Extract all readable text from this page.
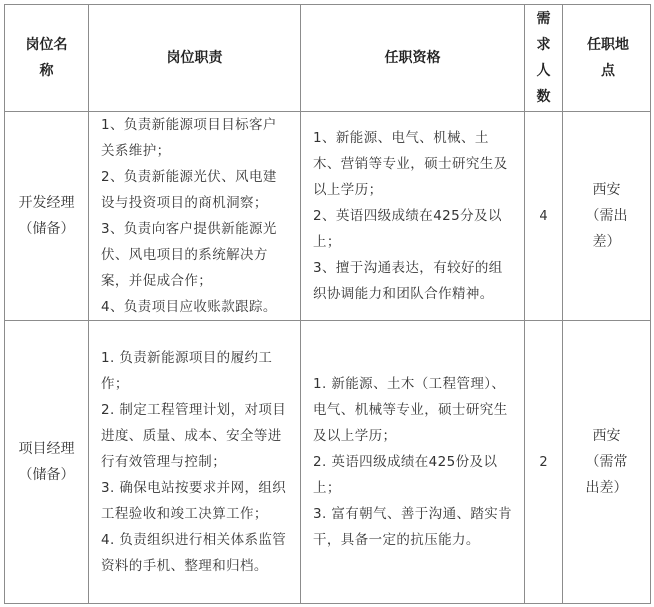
岗位名称	岗位职责	任职资格	需求人数	任职地点

开发经理（储备）	1、负责新能源项目目标客户关系维护；
2、负责新能源光伏、风电建设与投资项目的商机洞察；
3、负责向客户提供新能源光伏、风电项目的系统解决方案，并促成合作；
4、负责项目应收账款跟踪。	1、新能源、电气、机械、土木、营销等专业，硕士研究生及以上学历；
2、英语四级成绩在425分及以上；
3、擅于沟通表达，有较好的组织协调能力和团队合作精神。	4	西安（需出差）

项目经理（储备）	1. 负责新能源项目的履约工作；
2. 制定工程管理计划，对项目进度、质量、成本、安全等进行有效管理与控制；
3. 确保电站按要求并网，组织工程验收和竣工决算工作；
4. 负责组织进行相关体系监管资料的手机、整理和归档。	1. 新能源、土木（工程管理）、电气、机械等专业，硕士研究生及以上学历；
2. 英语四级成绩在425份及以上；
3. 富有朝气、善于沟通、踏实肯干，具备一定的抗压能力。	2	西安（需常出差）
